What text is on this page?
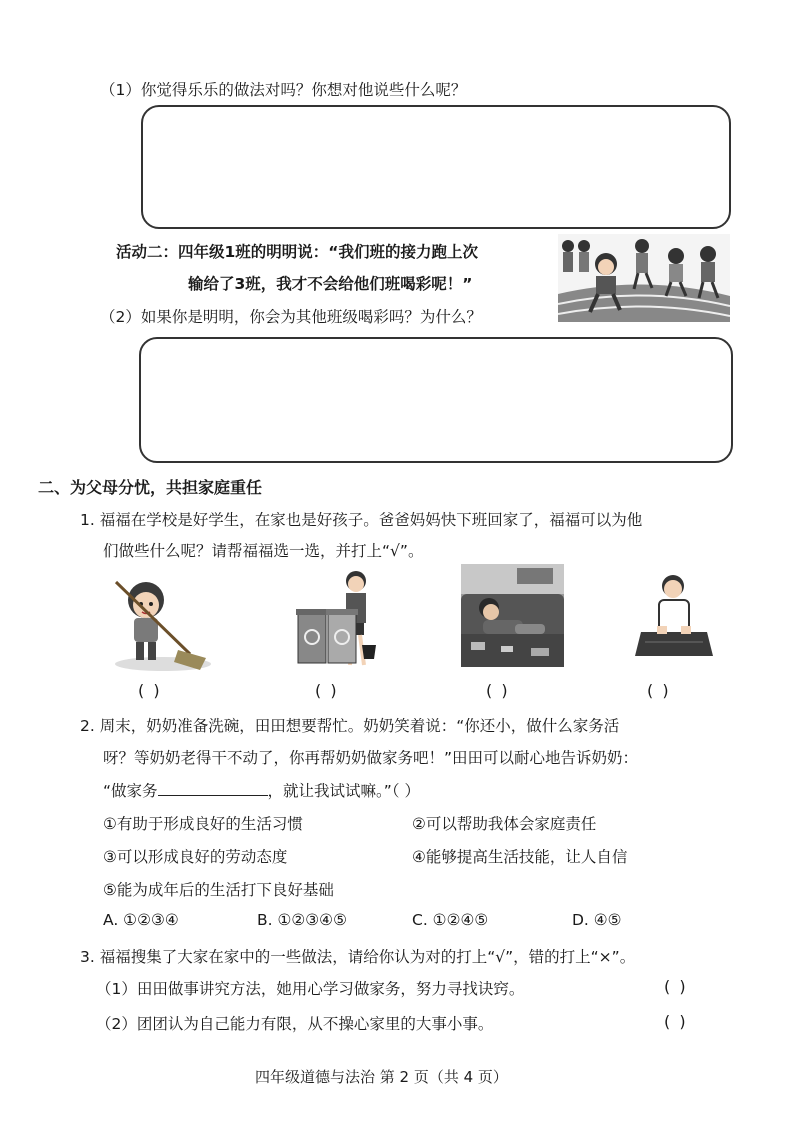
（1）你觉得乐乐的做法对吗？你想对他说些什么呢？
活动二：四年级1班的明明说：“我们班的接力跑上次
输给了3班，我才不会给他们班喝彩呢！”
（2）如果你是明明，你会为其他班级喝彩吗？为什么？
二、为父母分忧，共担家庭重任
1. 福福在学校是好学生，在家也是好孩子。爸爸妈妈快下班回家了，福福可以为他
们做些什么呢？请帮福福选一选，并打上“√”。
( )	( )	( )	( )
2. 周末，奶奶准备洗碗，田田想要帮忙。奶奶笑着说：“你还小，做什么家务活
呀？等奶奶老得干不动了，你再帮奶奶做家务吧！”田田可以耐心地告诉奶奶：
“做家务	，就让我试试嘛。”（ ）
①有助于形成良好的生活习惯	②可以帮助我体会家庭责任
③可以形成良好的劳动态度	④能够提高生活技能，让人自信
⑤能为成年后的生活打下良好基础
A. ①②③④	B. ①②③④⑤	C. ①②④⑤	D. ④⑤
3. 福福搜集了大家在家中的一些做法，请给你认为对的打上“√”，错的打上“×”。
（1）田田做事讲究方法，她用心学习做家务，努力寻找诀窍。	( )
（2）团团认为自己能力有限，从不操心家里的大事小事。	( )
四年级道德与法治 第 2 页（共 4 页）
